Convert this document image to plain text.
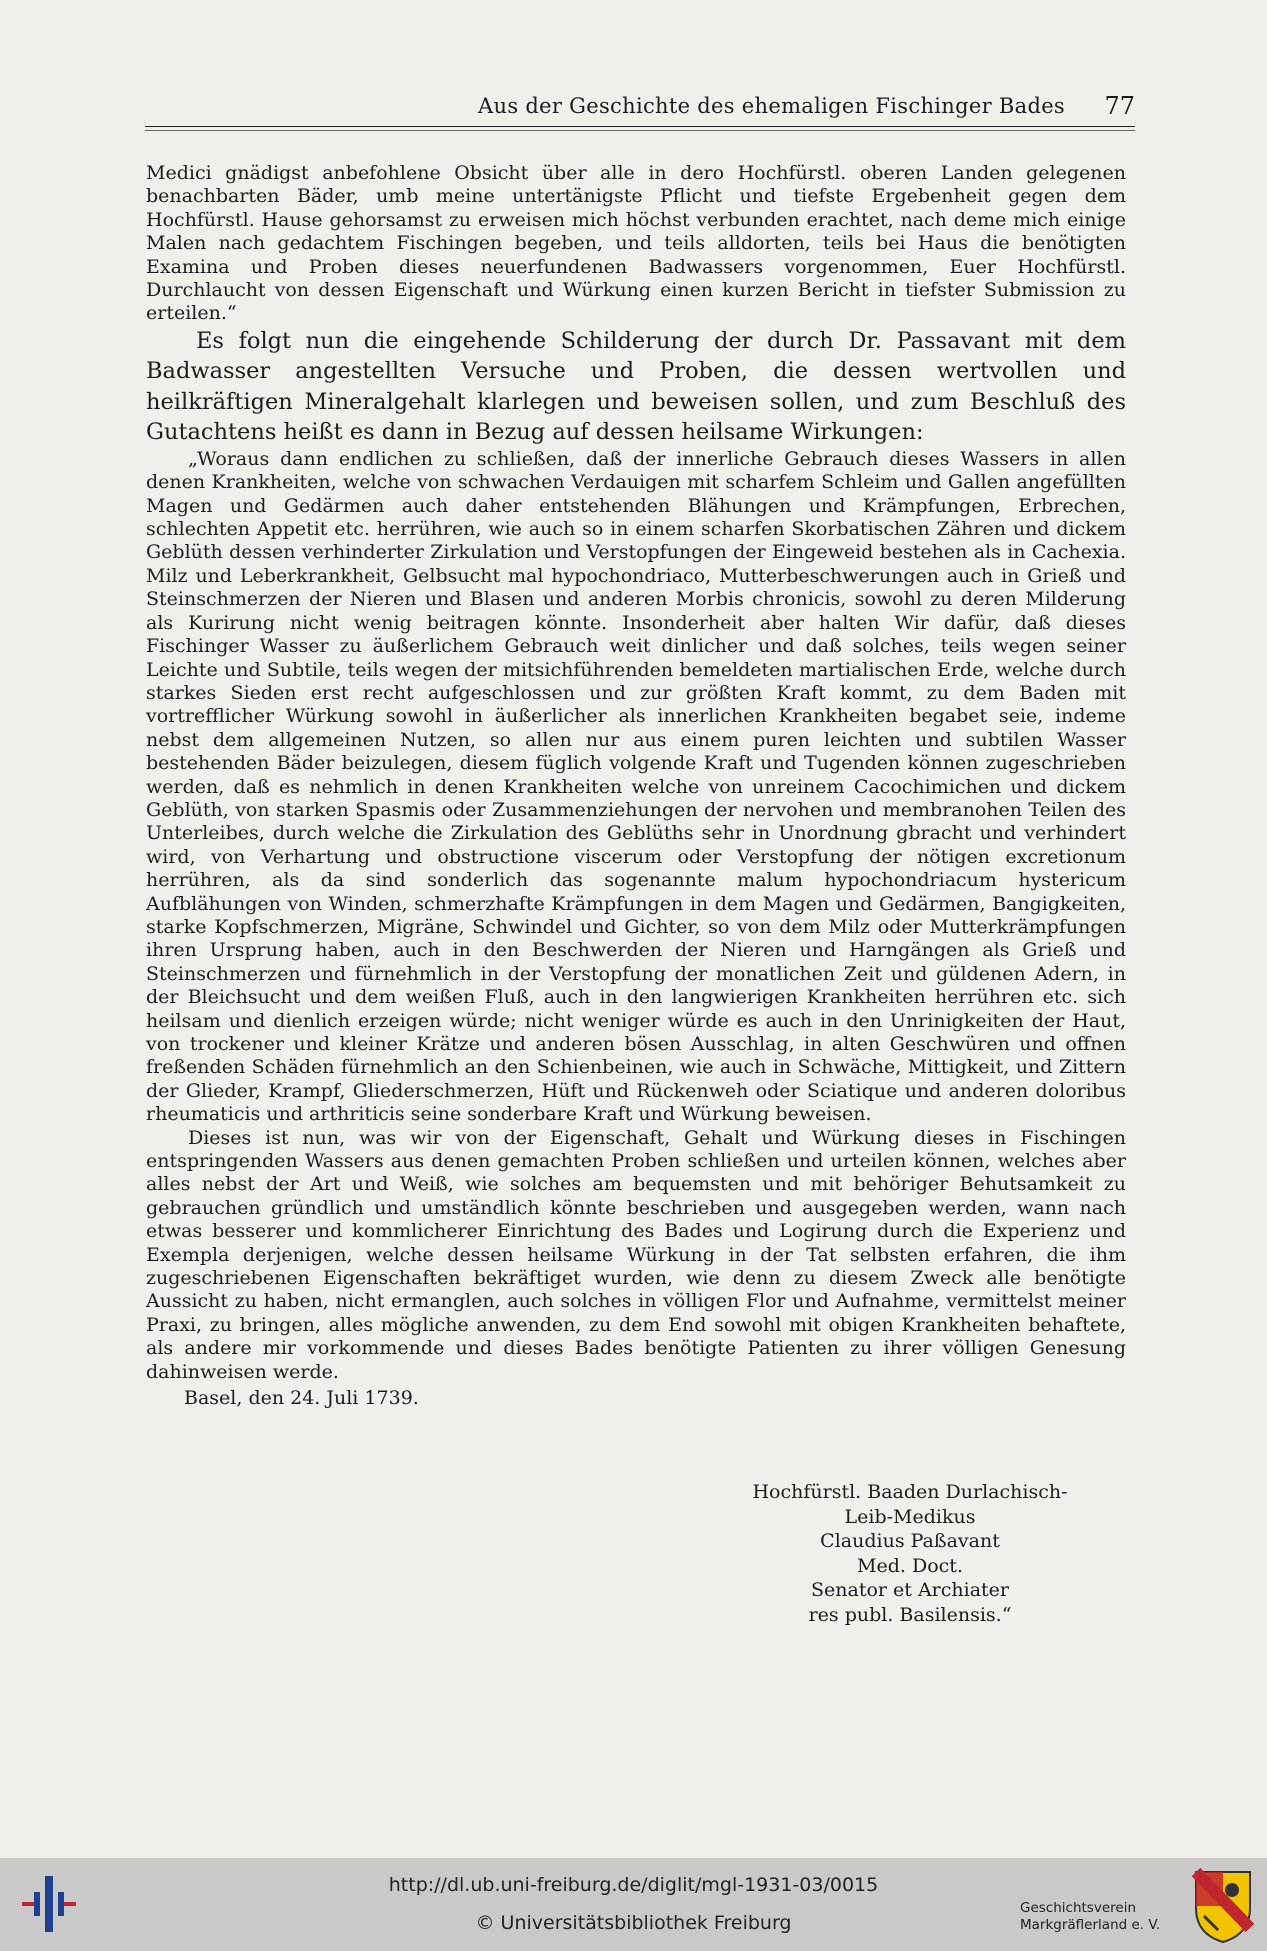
Aus der Geschichte des ehemaligen Fischinger Bades	77

Medici gnädigst anbefohlene Obsicht über alle in dero Hochfürstl. oberen Landen gelegenen benachbarten Bäder, umb meine untertänigste Pflicht und tiefste Ergebenheit gegen dem Hochfürstl. Hause gehorsamst zu erweisen mich höchst verbunden erachtet, nach deme mich einige Malen nach gedachtem Fischingen begeben, und teils alldorten, teils bei Haus die benötigten Examina und Proben dieses neuerfundenen Badwassers vorgenommen, Euer Hochfürstl. Durchlaucht von dessen Eigenschaft und Würkung einen kurzen Bericht in tiefster Submission zu erteilen.“

Es folgt nun die eingehende Schilderung der durch Dr. Passavant mit dem Badwasser angestellten Versuche und Proben, die dessen wertvollen und heilkräftigen Mineralgehalt klarlegen und beweisen sollen, und zum Beschluß des Gutachtens heißt es dann in Bezug auf dessen heilsame Wirkungen:

„Woraus dann endlichen zu schließen, daß der innerliche Gebrauch dieses Wassers in allen denen Krankheiten, welche von schwachen Verdauigen mit scharfem Schleim und Gallen angefüllten Magen und Gedärmen auch daher entstehenden Blähungen und Krämpfungen, Erbrechen, schlechten Appetit etc. herrühren, wie auch so in einem scharfen Skorbatischen Zähren und dickem Geblüth dessen verhinderter Zirkulation und Verstopfungen der Eingeweid bestehen als in Cachexia. Milz und Leberkrankheit, Gelbsucht mal hypochondriaco, Mutterbeschwerungen auch in Grieß und Steinschmerzen der Nieren und Blasen und anderen Morbis chronicis, sowohl zu deren Milderung als Kurirung nicht wenig beitragen könnte. Insonderheit aber halten Wir dafür, daß dieses Fischinger Wasser zu äußerlichem Gebrauch weit dinlicher und daß solches, teils wegen seiner Leichte und Subtile, teils wegen der mitsichführenden bemeldeten martialischen Erde, welche durch starkes Sieden erst recht aufgeschlossen und zur größten Kraft kommt, zu dem Baden mit vortrefflicher Würkung sowohl in äußerlicher als innerlichen Krankheiten begabet seie, indeme nebst dem allgemeinen Nutzen, so allen nur aus einem puren leichten und subtilen Wasser bestehenden Bäder beizulegen, diesem füglich volgende Kraft und Tugenden können zugeschrieben werden, daß es nehmlich in denen Krankheiten welche von unreinem Cacochimichen und dickem Geblüth, von starken Spasmis oder Zusammenziehungen der nervohen und membranohen Teilen des Unterleibes, durch welche die Zirkulation des Geblüths sehr in Unordnung gbracht und verhindert wird, von Verhartung und obstructione viscerum oder Verstopfung der nötigen excretionum herrühren, als da sind sonderlich das sogenannte malum hypochondriacum hystericum Aufblähungen von Winden, schmerzhafte Krämpfungen in dem Magen und Gedärmen, Bangigkeiten, starke Kopfschmerzen, Migräne, Schwindel und Gichter, so von dem Milz oder Mutterkrämpfungen ihren Ursprung haben, auch in den Beschwerden der Nieren und Harngängen als Grieß und Steinschmerzen und fürnehmlich in der Verstopfung der monatlichen Zeit und güldenen Adern, in der Bleichsucht und dem weißen Fluß, auch in den langwierigen Krankheiten herrühren etc. sich heilsam und dienlich erzeigen würde; nicht weniger würde es auch in den Unrinigkeiten der Haut, von trockener und kleiner Krätze und anderen bösen Ausschlag, in alten Geschwüren und offnen freßenden Schäden fürnehmlich an den Schienbeinen, wie auch in Schwäche, Mittigkeit, und Zittern der Glieder, Krampf, Gliederschmerzen, Hüft und Rückenweh oder Sciatique und anderen doloribus rheumaticis und arthriticis seine sonderbare Kraft und Würkung beweisen.

Dieses ist nun, was wir von der Eigenschaft, Gehalt und Würkung dieses in Fischingen entspringenden Wassers aus denen gemachten Proben schließen und urteilen können, welches aber alles nebst der Art und Weiß, wie solches am bequemsten und mit behöriger Behutsamkeit zu gebrauchen gründlich und umständlich könnte beschrieben und ausgegeben werden, wann nach etwas besserer und kommlicherer Einrichtung des Bades und Logirung durch die Experienz und Exempla derjenigen, welche dessen heilsame Würkung in der Tat selbsten erfahren, die ihm zugeschriebenen Eigenschaften bekräftiget wurden, wie denn zu diesem Zweck alle benötigte Aussicht zu haben, nicht ermanglen, auch solches in völligen Flor und Aufnahme, vermittelst meiner Praxi, zu bringen, alles mögliche anwenden, zu dem End sowohl mit obigen Krankheiten behaftete, als andere mir vorkommende und dieses Bades benötigte Patienten zu ihrer völligen Genesung dahinweisen werde.

Basel, den 24. Juli 1739.

Hochfürstl. Baaden Durlachisch-
Leib-Medikus
Claudius Paßavant
Med. Doct.
Senator et Archiater
res publ. Basilensis.“
http://dl.ub.uni-freiburg.de/diglit/mgl-1931-03/0015
© Universitätsbibliothek Freiburg
Geschichtsverein
Markgräflerland e. V.
